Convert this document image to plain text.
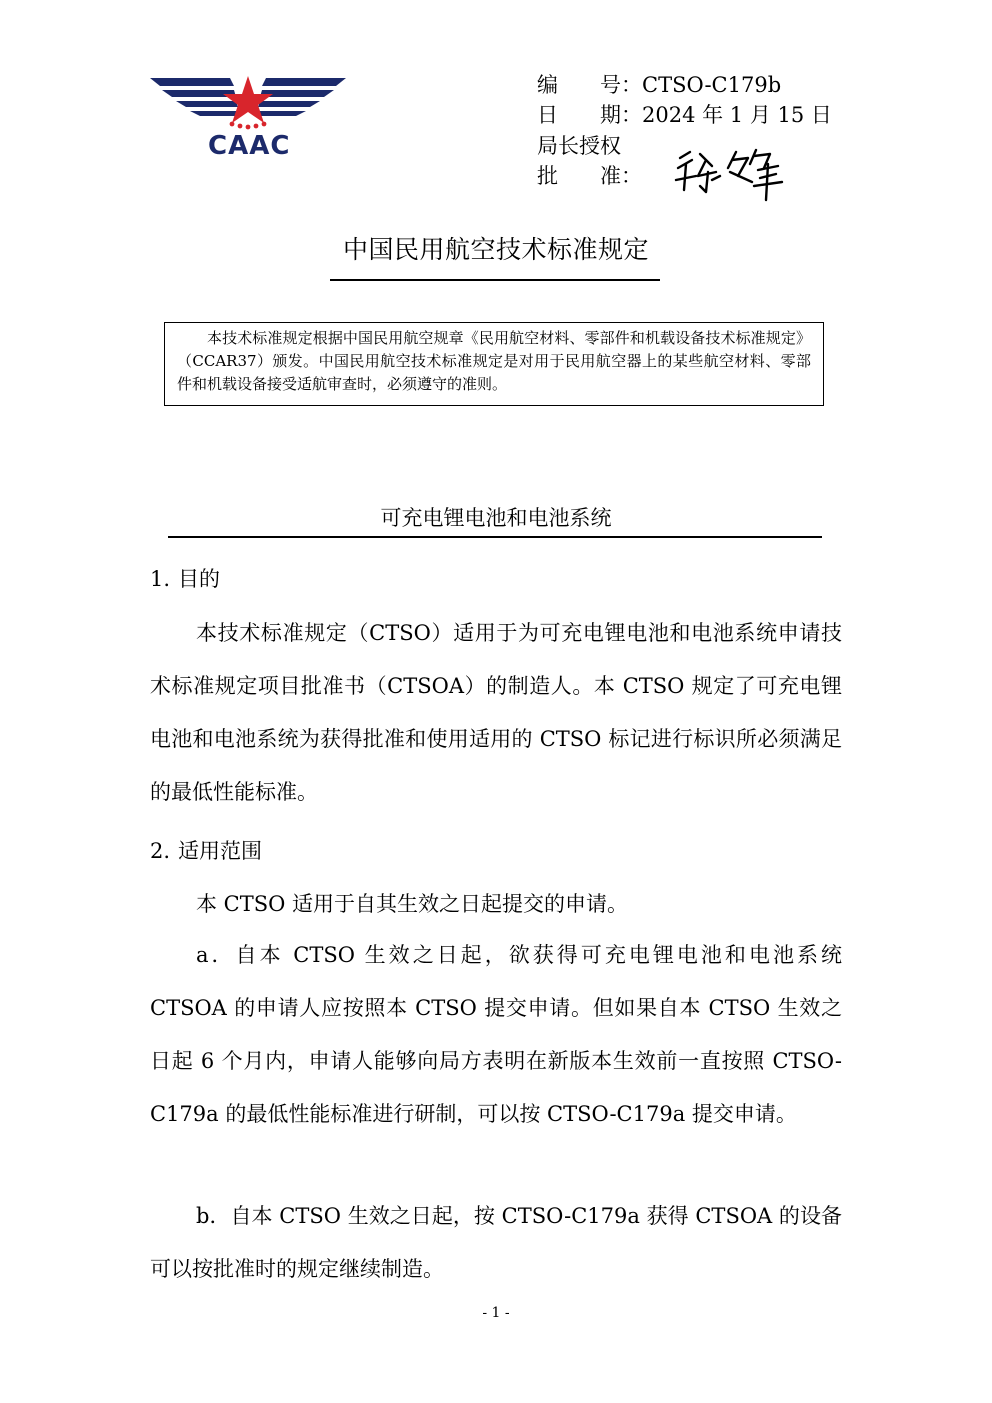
CAAC
编　　号：CTSO-C179b
日　　期：2024 年 1 月 15 日
局长授权
批　　准：
中国民用航空技术标准规定

本技术标准规定根据中国民用航空规章《民用航空材料、零部件和机载设备技术标准规定》（CCAR37）颁发。中国民用航空技术标准规定是对用于民用航空器上的某些航空材料、零部件和机载设备接受适航审查时，必须遵守的准则。

可充电锂电池和电池系统
1. 目的

本技术标准规定（CTSO）适用于为可充电锂电池和电池系统申请技术标准规定项目批准书（CTSOA）的制造人。本 CTSO 规定了可充电锂电池和电池系统为获得批准和使用适用的 CTSO 标记进行标识所必须满足的最低性能标准。

2. 适用范围

本 CTSO 适用于自其生效之日起提交的申请。

a．自本 CTSO 生效之日起，欲获得可充电锂电池和电池系统 CTSOA 的申请人应按照本 CTSO 提交申请。但如果自本 CTSO 生效之日起 6 个月内，申请人能够向局方表明在新版本生效前一直按照 CTSO-C179a 的最低性能标准进行研制，可以按 CTSO-C179a 提交申请。

b．自本 CTSO 生效之日起，按 CTSO-C179a 获得 CTSOA 的设备可以按批准时的规定继续制造。

- 1 -
